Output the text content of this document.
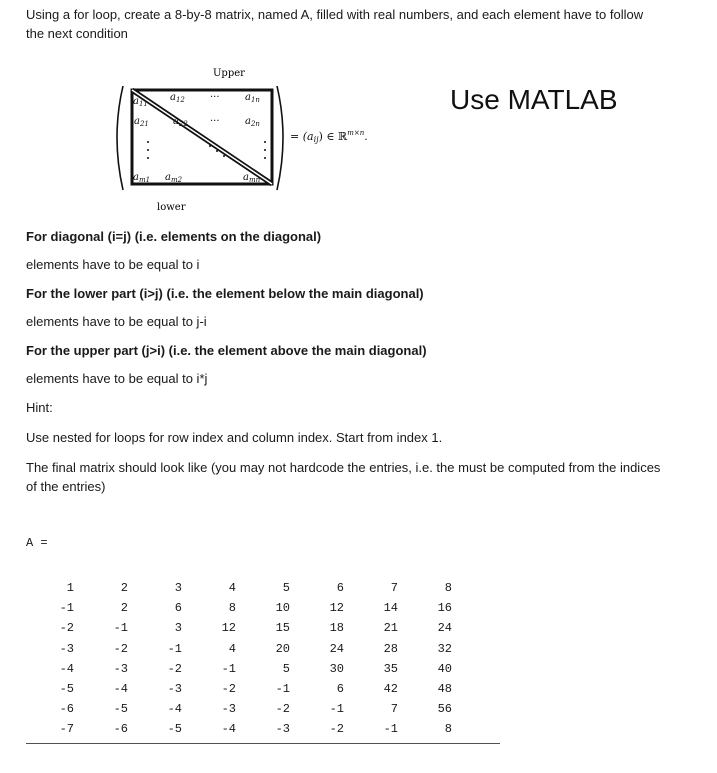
Using a for loop, create a 8-by-8 matrix, named A, filled with real numbers, and each element have to follow the next condition

Use MATLAB

Upper
$a_{11}$
$a_{12}$	···	$a_{1n}$
$a_{21}$ $a_{22}$ ···	$a_{2n}$
$a_{m1}$ $a_{m2}$	$a_{mn}$
= (aij) ∈ ℝ$^{m\times n}$.
lower

For diagonal (i=j) (i.e. elements on the diagonal)

elements have to be equal to i

For the lower part (i>j) (i.e. the element below the main diagonal)

elements have to be equal to j-i

For the upper part (j>i) (i.e. the element above the main diagonal)

elements have to be equal to i*j

Hint:

Use nested for loops for row index and column index. Start from index 1.

The final matrix should look like (you may not hardcode the entries, i.e. the must be computed from the indices of the entries)

A =

1	2	3	4	5	6	7	8
-1	2	6	8	10	12	14	16
-2	-1	3	12	15	18	21	24
-3	-2	-1	4	20	24	28	32
-4	-3	-2	-1	5	30	35	40
-5	-4	-3	-2	-1	6	42	48
-6	-5	-4	-3	-2	-1	7	56
-7	-6	-5	-4	-3	-2	-1	8
